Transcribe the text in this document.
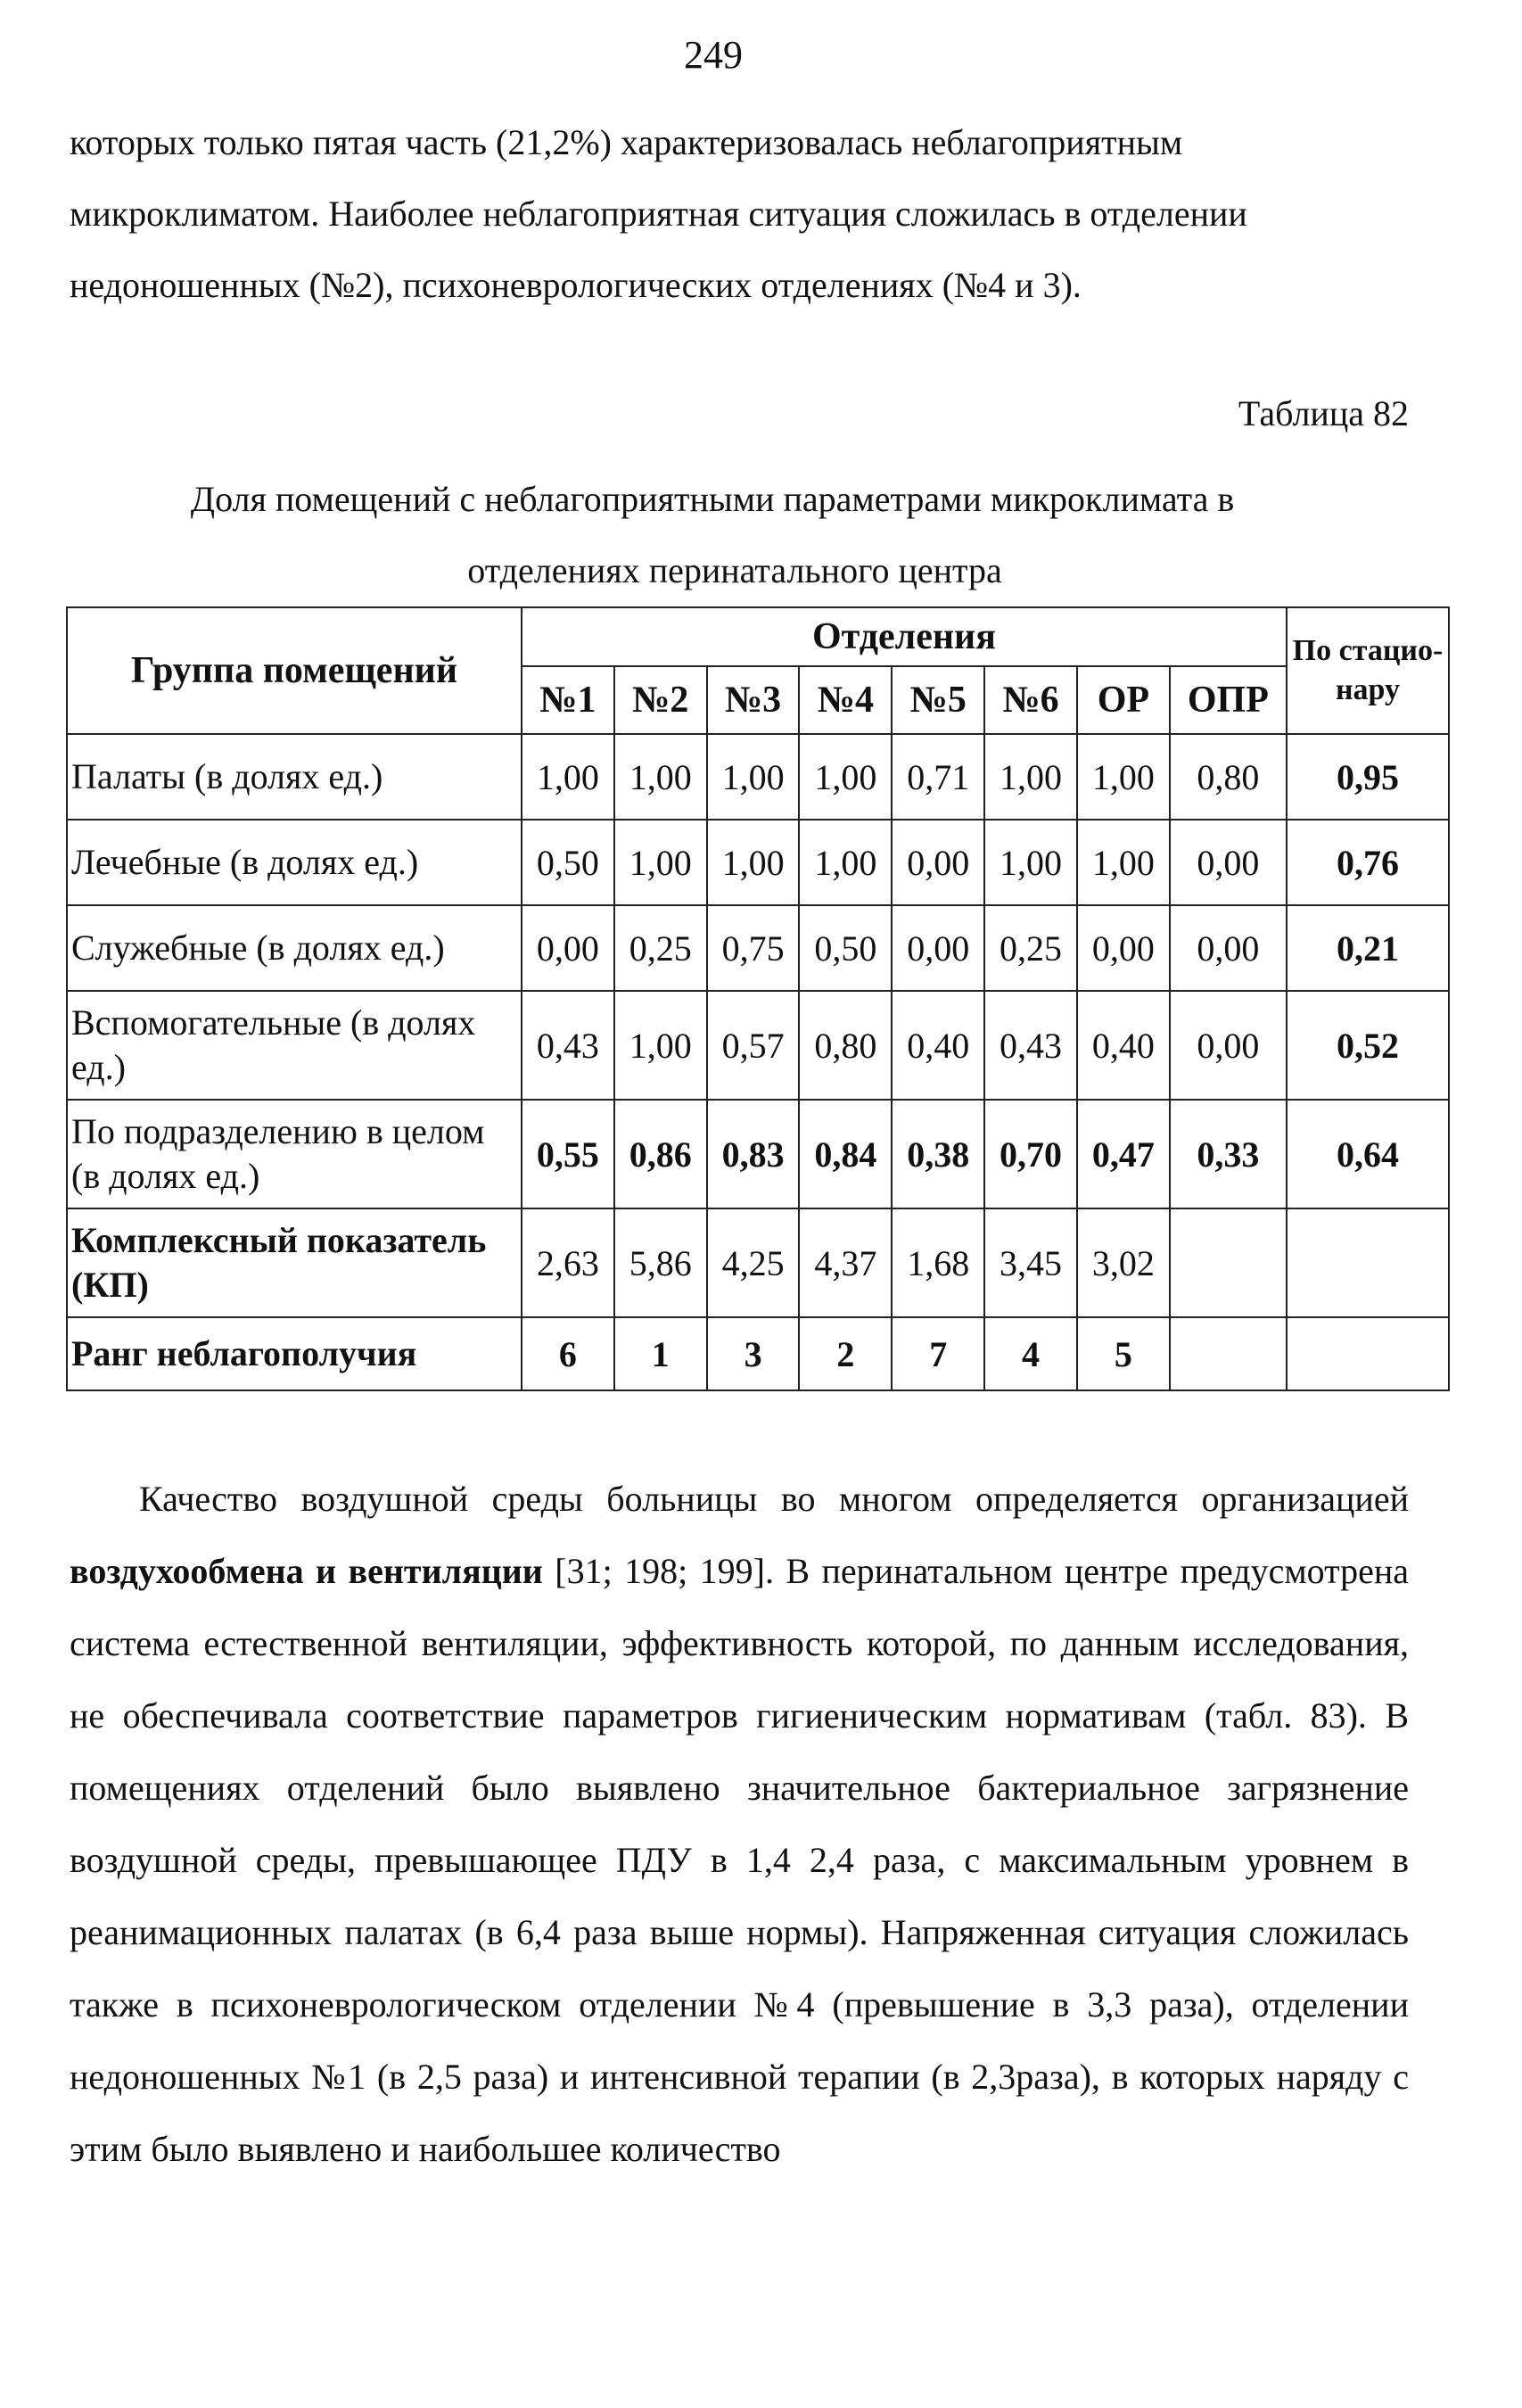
249

которых только пятая часть (21,2%) характеризовалась неблагоприятным микроклиматом. Наиболее неблагоприятная ситуация сложилась в отделении недоношенных (№2), психоневрологических отделениях (№4 и 3).

Таблица 82
Доля помещений с неблагоприятными параметрами микроклимата в
отделениях перинатального центра
Группа помещений	Отделения								По стацио-нару
	№1	№2	№3	№4	№5	№6	ОР	ОПР	
Палаты (в долях ед.)	1,00	1,00	1,00	1,00	0,71	1,00	1,00	0,80	0,95
Лечебные (в долях ед.)	0,50	1,00	1,00	1,00	0,00	1,00	1,00	0,00	0,76
Служебные (в долях ед.)	0,00	0,25	0,75	0,50	0,00	0,25	0,00	0,00	0,21
Вспомогательные (в долях ед.)	0,43	1,00	0,57	0,80	0,40	0,43	0,40	0,00	0,52
По подразделению в целом (в долях ед.)	0,55	0,86	0,83	0,84	0,38	0,70	0,47	0,33	0,64
Комплексный показатель (КП)	2,63	5,86	4,25	4,37	1,68	3,45	3,02		
Ранг неблагополучия	6	1	3	2	7	4	5		

Качество воздушной среды больницы во многом определяется организацией воздухообмена и вентиляции [31; 198; 199]. В перинатальном центре предусмотрена система естественной вентиляции, эффективность которой, по данным исследования, не обеспечивала соответствие параметров гигиеническим нормативам (табл. 83). В помещениях отделений было выявлено значительное бактериальное загрязнение воздушной среды, превышающее ПДУ в 1,4 2,4 раза, с максимальным уровнем в реанимационных палатах (в 6,4 раза выше нормы). Напряженная ситуация сложилась также в психоневрологическом отделении №4 (превышение в 3,3 раза), отделении недоношенных №1 (в 2,5 раза) и интенсивной терапии (в 2,3раза), в которых наряду с этим было выявлено и наибольшее количество
